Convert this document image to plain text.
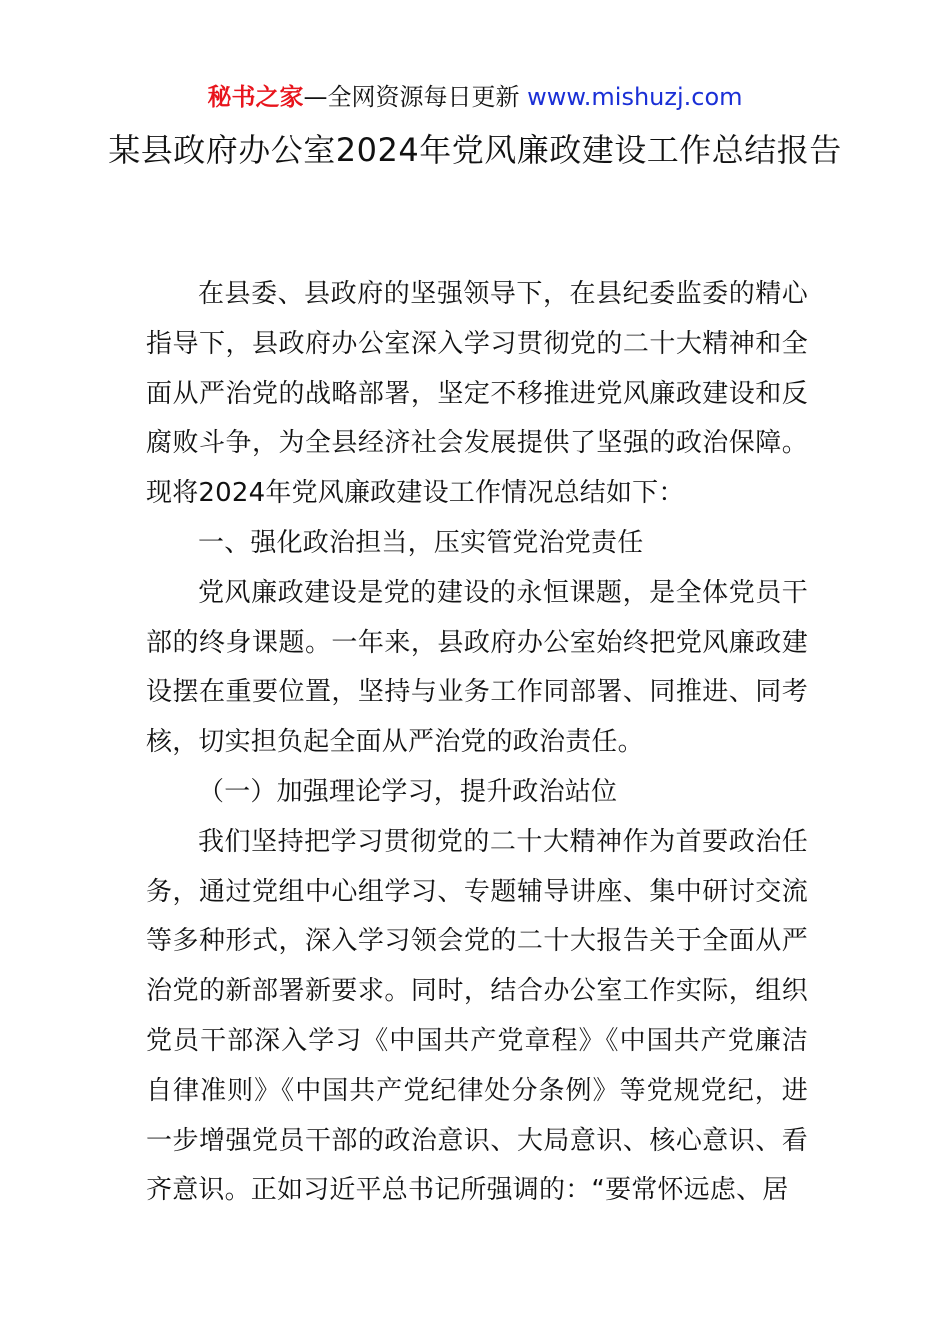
秘书之家—全网资源每日更新 www.mishuzj.com
某县政府办公室2024年党风廉政建设工作总结报告

在县委、县政府的坚强领导下，在县纪委监委的精心指导下，县政府办公室深入学习贯彻党的二十大精神和全面从严治党的战略部署，坚定不移推进党风廉政建设和反腐败斗争，为全县经济社会发展提供了坚强的政治保障。现将2024年党风廉政建设工作情况总结如下：

一、强化政治担当，压实管党治党责任

党风廉政建设是党的建设的永恒课题，是全体党员干部的终身课题。一年来，县政府办公室始终把党风廉政建设摆在重要位置，坚持与业务工作同部署、同推进、同考核，切实担负起全面从严治党的政治责任。

（一）加强理论学习，提升政治站位

我们坚持把学习贯彻党的二十大精神作为首要政治任务，通过党组中心组学习、专题辅导讲座、集中研讨交流等多种形式，深入学习领会党的二十大报告关于全面从严治党的新部署新要求。同时，结合办公室工作实际，组织党员干部深入学习《中国共产党章程》《中国共产党廉洁自律准则》《中国共产党纪律处分条例》等党规党纪，进一步增强党员干部的政治意识、大局意识、核心意识、看齐意识。正如习近平总书记所强调的：“要常怀远虑、居
